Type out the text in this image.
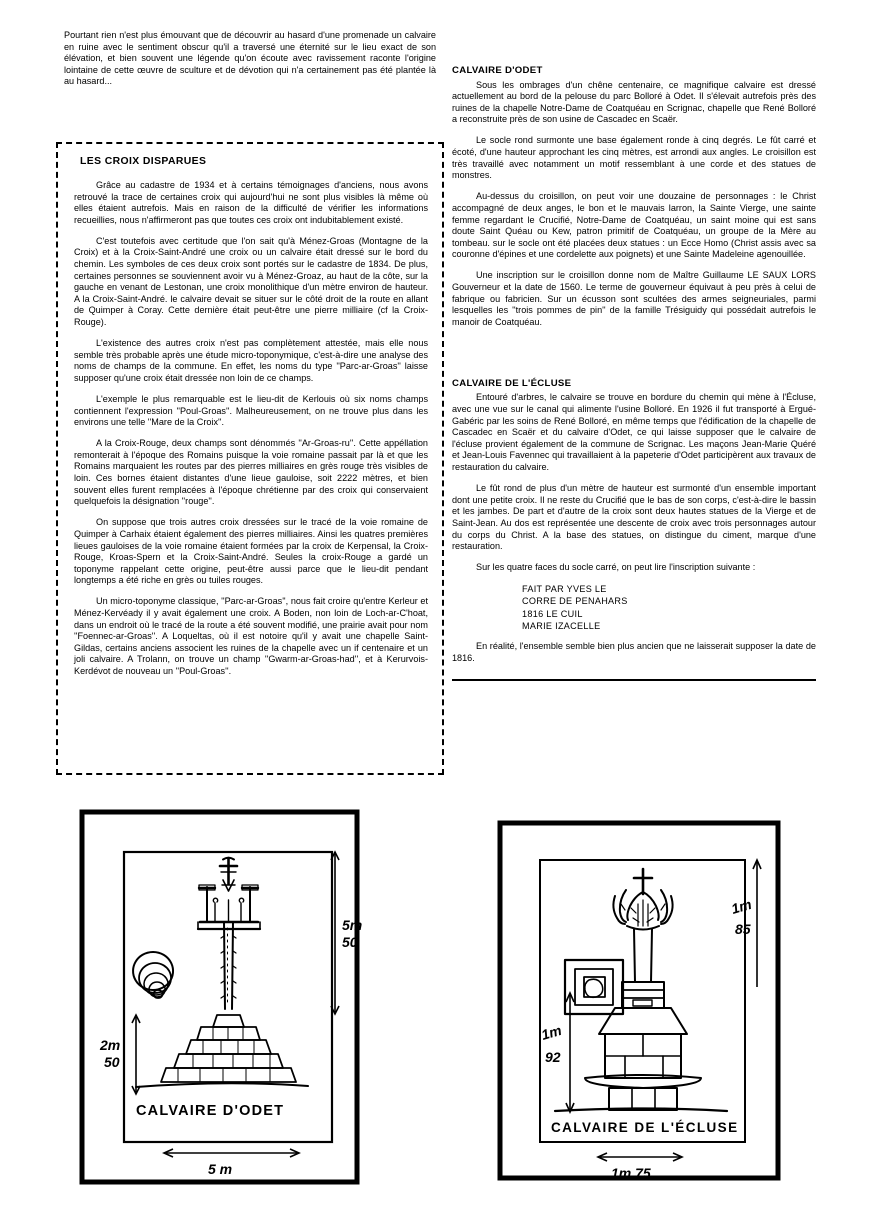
Pourtant rien n'est plus émouvant que de découvrir au hasard d'une promenade un calvaire en ruine avec le sentiment obscur qu'il a traversé une éternité sur le lieu exact de son élévation, et bien souvent une légende qu'on écoute avec ravissement raconte l'origine lointaine de cette œuvre de sculture et de dévotion qui n'a certainement pas été plantée là au hasard...

LES CROIX DISPARUES

Grâce au cadastre de 1934 et à certains témoignages d'anciens, nous avons retrouvé la trace de certaines croix qui aujourd'hui ne sont plus visibles là même où elles étaient autrefois. Mais en raison de la difficulté de vérifier les informations recueillies, nous n'affirmeront pas que toutes ces croix ont indubitablement existé.

C'est toutefois avec certitude que l'on sait qu'à Ménez-Groas (Montagne de la Croix) et à la Croix-Saint-André une croix ou un calvaire était dressé sur le bord du chemin. Les symboles de ces deux croix sont portés sur le cadastre de 1834. De plus, certaines personnes se souviennent avoir vu à Ménez-Groaz, au haut de la côte, sur la gauche en venant de Lestonan, une croix monolithique d'un mètre environ de hauteur. A la Croix-Saint-André. le calvaire devait se situer sur le côté droit de la route en allant de Quimper à Coray. Cette dernière était peut-être une pierre milliaire (cf la Croix-Rouge).

L'existence des autres croix n'est pas complètement attestée, mais elle nous semble très probable après une étude micro-toponymique, c'est-à-dire une analyse des noms de champs de la commune. En effet, les noms du type ''Parc-ar-Groas'' laisse supposer qu'une croix était dressée non loin de ce champs.

L'exemple le plus remarquable est le lieu-dit de Kerlouis où six noms champs contiennent l'expression ''Poul-Groas''. Malheureusement, on ne trouve plus dans les environs une telle ''Mare de la Croix''.

A la Croix-Rouge, deux champs sont dénommés ''Ar-Groas-ru''. Cette appéllation remonterait à l'époque des Romains puisque la voie romaine passait par là et que les Romains marquaient les routes par des pierres milliaires en grès rouge très visibles de loin. Ces bornes étaient distantes d'une lieue gauloise, soit 2222 mètres, et bien souvent elles furent remplacées à l'époque chrétienne par des croix qui conservaient quelquefois la désignation ''rouge''.

On suppose que trois autres croix dressées sur le tracé de la voie romaine de Quimper à Carhaix étaient également des pierres milliaires. Ainsi les quatres premières lieues gauloises de la voie romaine étaient formées par la croix de Kerpensal, la Croix-Rouge, Kroas-Spern et la Croix-Saint-André. Seules la croix-Rouge a gardé un toponyme rappelant cette origine, peut-être aussi parce que le lieu-dit pendant longtemps a été riche en grès ou tuiles rouges.

Un micro-toponyme classique, ''Parc-ar-Groas'', nous fait croire qu'entre Kerleur et Ménez-Kervéady il y avait également une croix. A Boden, non loin de Loch-ar-C'hoat, dans un endroit où le tracé de la route a été souvent modifié, une prairie avait pour nom ''Foennec-ar-Groas''. A Loqueltas, où il est notoire qu'il y avait une chapelle Saint-Gildas, certains anciens associent les ruines de la chapelle avec un if centenaire et un joli calvaire. A Trolann, on trouve un champ ''Gwarm-ar-Groas-had'', et à Kerurvois-Kerdévot de nouveau un ''Poul-Groas''.

CALVAIRE D'ODET

Sous les ombrages d'un chêne centenaire, ce magnifique calvaire est dressé actuellement au bord de la pelouse du parc Bolloré à Odet. Il s'élevait autrefois près des ruines de la chapelle Notre-Dame de Coatquéau en Scrignac, chapelle que René Bolloré a reconstruite près de son usine de Cascadec en Scaër.

Le socle rond surmonte une base également ronde à cinq degrés. Le fût carré et écoté, d'une hauteur approchant les cinq mètres, est arrondi aux angles. Le croisillon est très travaillé avec notamment un motif ressemblant à une corde et des statues de monstres.

Au-dessus du croisillon, on peut voir une douzaine de personnages : le Christ accompagné de deux anges, le bon et le mauvais larron, la Sainte Vierge, une sainte femme regardant le Crucifié, Notre-Dame de Coatquéau, un saint moine qui est sans doute Saint Quéau ou Kew, patron primitif de Coatquéau, un groupe de la Mère au tombeau. sur le socle ont été placées deux statues : un Ecce Homo (Christ assis avec sa couronne d'épines et une cordelette aux poignets) et une Sainte Madeleine agenouillée.

Une inscription sur le croisillon donne nom de Maître Guillaume LE SAUX LORS Gouverneur et la date de 1560. Le terme de gouverneur équivaut à peu près à celui de fabrique ou fabricien. Sur un écusson sont scultées des armes seigneuriales, parmi lesquelles les ''trois pommes de pin'' de la famille Trésiguidy qui possédait autrefois le manoir de Coatquéau.

CALVAIRE DE L'ÉCLUSE

Entouré d'arbres, le calvaire se trouve en bordure du chemin qui mène à l'Écluse, avec une vue sur le canal qui alimente l'usine Bolloré. En 1926 il fut transporté à Ergué-Gabéric par les soins de René Bolloré, en même temps que l'édification de la chapelle de Cascadec en Scaër et du calvaire d'Odet, ce qui laisse supposer que le calvaire de l'écluse provient également de la commune de Scrignac. Les maçons Jean-Marie Quéré et Jean-Louis Favennec qui travaillaient à la papeterie d'Odet participèrent aux travaux de restauration du calvaire.

Le fût rond de plus d'un mètre de hauteur est surmonté d'un ensemble important dont une petite croix. Il ne reste du Crucifié que le bas de son corps, c'est-à-dire le bassin et les jambes. De part et d'autre de la croix sont deux hautes statues de la Vierge et de Saint-Jean. Au dos est représentée une descente de croix avec trois personnages autour du corps du Christ. A la base des statues, on distingue du ciment, marque d'une restauration.

Sur les quatre faces du socle carré, on peut lire l'inscription suivante :

FAIT PAR YVES LE
CORRE DE PENAHARS
1816 LE CUIL
MARIE IZACELLE

En réalité, l'ensemble semble bien plus ancien que ne laisserait supposer la date de 1816.

5m
50
2m
50
CALVAIRE D'ODET
5 m
1m
85
1m
92
CALVAIRE DE L'ÉCLUSE
1m 75
